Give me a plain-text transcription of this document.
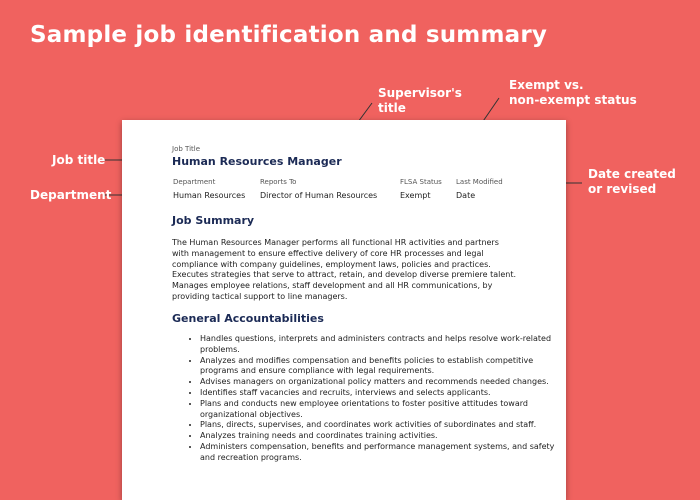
Sample job identification and summary
Job title
Department
Supervisor's
title
Exempt vs.
non-exempt status
Date created
or revised
Job Title
Human Resources Manager
Department
Human Resources
Reports To
Director of Human Resources
FLSA Status
Exempt
Last Modified
Date
Job Summary
The Human Resources Manager performs all functional HR activities and partners with management to ensure effective delivery of core HR processes and legal compliance with company guidelines, employment laws, policies and practices. Executes strategies that serve to attract, retain, and develop diverse premiere talent. Manages employee relations, staff development and all HR communications, by providing tactical support to line managers.
General Accountabilities
• Handles questions, interprets and administers contracts and helps resolve work-related problems.
• Analyzes and modifies compensation and benefits policies to establish competitive programs and ensure compliance with legal requirements.
• Advises managers on organizational policy matters and recommends needed changes.
• Identifies staff vacancies and recruits, interviews and selects applicants.
• Plans and conducts new employee orientations to foster positive attitudes toward organizational objectives.
• Plans, directs, supervises, and coordinates work activities of subordinates and staff.
• Analyzes training needs and coordinates training activities.
• Administers compensation, benefits and performance management systems, and safety and recreation programs.
